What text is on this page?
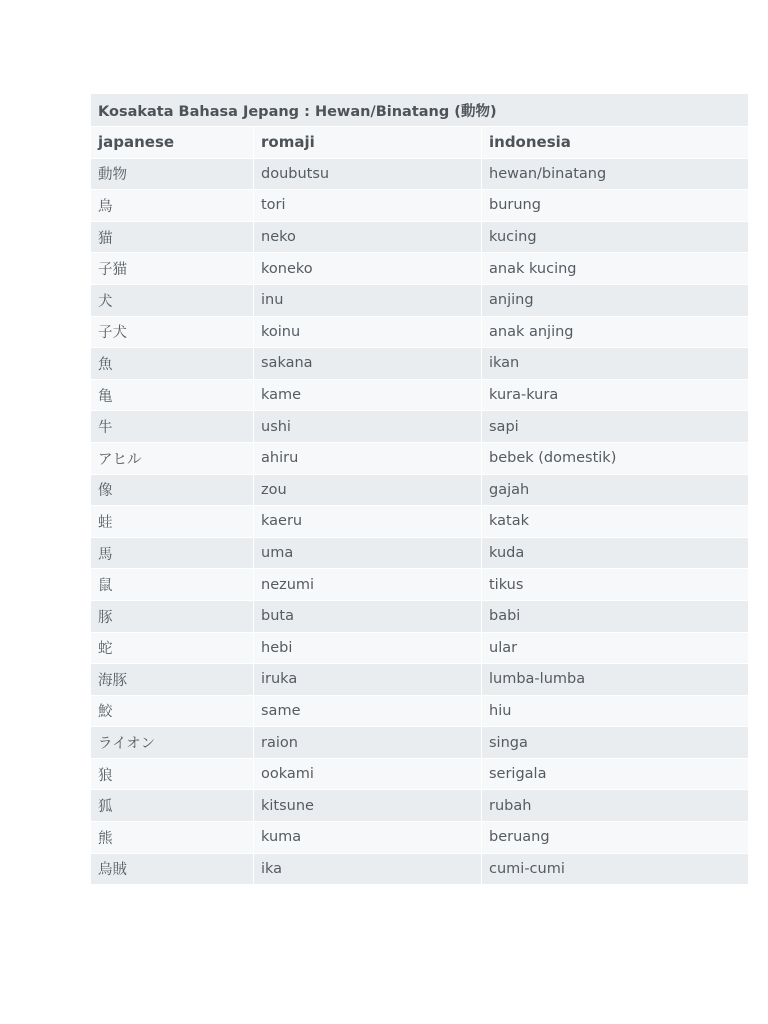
Kosakata Bahasa Jepang : Hewan/Binatang (動物)		
japanese	romaji	indonesia
動物	doubutsu	hewan/binatang
鳥	tori	burung
猫	neko	kucing
子猫	koneko	anak kucing
犬	inu	anjing
子犬	koinu	anak anjing
魚	sakana	ikan
亀	kame	kura-kura
牛	ushi	sapi
アヒル	ahiru	bebek (domestik)
像	zou	gajah
蛙	kaeru	katak
馬	uma	kuda
鼠	nezumi	tikus
豚	buta	babi
蛇	hebi	ular
海豚	iruka	lumba-lumba
鮫	same	hiu
ライオン	raion	singa
狼	ookami	serigala
狐	kitsune	rubah
熊	kuma	beruang
烏賊	ika	cumi-cumi
